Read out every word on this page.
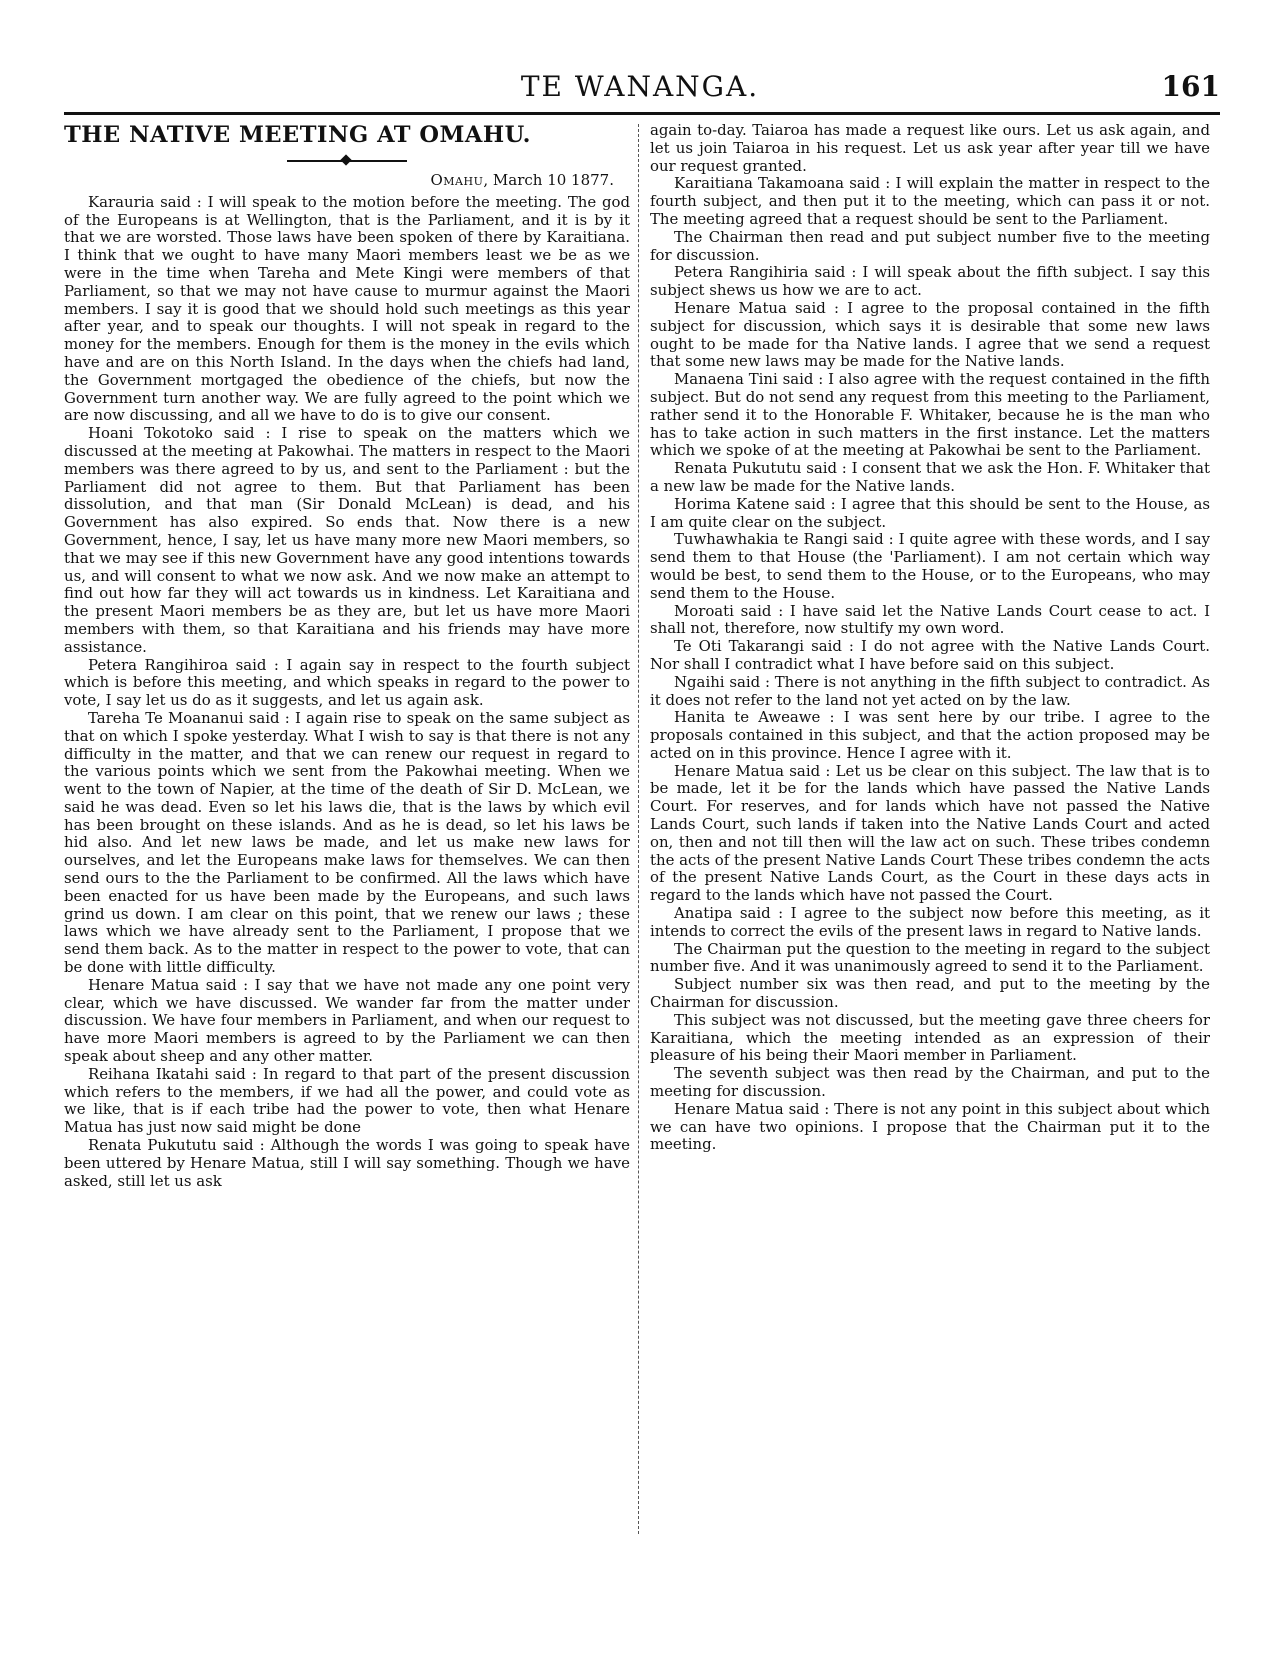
TE WANANGA.	161
THE NATIVE MEETING AT OMAHU.
Omahu, March 10 1877.

Karauria said : I will speak to the motion before the meeting. The god of the Europeans is at Wellington, that is the Parliament, and it is by it that we are worsted. Those laws have been spoken of there by Karaitiana. I think that we ought to have many Maori members least we be as we were in the time when Tareha and Mete Kingi were members of that Parliament, so that we may not have cause to murmur against the Maori members. I say it is good that we should hold such meetings as this year after year, and to speak our thoughts. I will not speak in regard to the money for the members. Enough for them is the money in the evils which have and are on this North Island. In the days when the chiefs had land, the Government mortgaged the obedience of the chiefs, but now the Government turn another way. We are fully agreed to the point which we are now discussing, and all we have to do is to give our consent.

Hoani Tokotoko said : I rise to speak on the matters which we discussed at the meeting at Pakowhai. The matters in respect to the Maori members was there agreed to by us, and sent to the Parliament : but the Parliament did not agree to them. But that Parliament has been dissolution, and that man (Sir Donald McLean) is dead, and his Government has also expired. So ends that. Now there is a new Government, hence, I say, let us have many more new Maori members, so that we may see if this new Government have any good intentions towards us, and will consent to what we now ask. And we now make an attempt to find out how far they will act towards us in kindness. Let Karaitiana and the present Maori members be as they are, but let us have more Maori members with them, so that Karaitiana and his friends may have more assistance.

Petera Rangihiroa said : I again say in respect to the fourth subject which is before this meeting, and which speaks in regard to the power to vote, I say let us do as it suggests, and let us again ask.

Tareha Te Moananui said : I again rise to speak on the same subject as that on which I spoke yesterday. What I wish to say is that there is not any difficulty in the matter, and that we can renew our request in regard to the various points which we sent from the Pakowhai meeting. When we went to the town of Napier, at the time of the death of Sir D. McLean, we said he was dead. Even so let his laws die, that is the laws by which evil has been brought on these islands. And as he is dead, so let his laws be hid also. And let new laws be made, and let us make new laws for ourselves, and let the Europeans make laws for themselves. We can then send ours to the the Parliament to be confirmed. All the laws which have been enacted for us have been made by the Europeans, and such laws grind us down. I am clear on this point, that we renew our laws ; these laws which we have already sent to the Parliament, I propose that we send them back. As to the matter in respect to the power to vote, that can be done with little difficulty.

Henare Matua said : I say that we have not made any one point very clear, which we have discussed. We wander far from the matter under discussion. We have four members in Parliament, and when our request to have more Maori members is agreed to by the Parliament we can then speak about sheep and any other matter.

Reihana Ikatahi said : In regard to that part of the present discussion which refers to the members, if we had all the power, and could vote as we like, that is if each tribe had the power to vote, then what Henare Matua has just now said might be done

Renata Pukututu said : Although the words I was going to speak have been uttered by Henare Matua, still I will say something. Though we have asked, still let us ask

again to-day. Taiaroa has made a request like ours. Let us ask again, and let us join Taiaroa in his request. Let us ask year after year till we have our request granted.

Karaitiana Takamoana said : I will explain the matter in respect to the fourth subject, and then put it to the meeting, which can pass it or not. The meeting agreed that a request should be sent to the Parliament.

The Chairman then read and put subject number five to the meeting for discussion.

Petera Rangihiria said : I will speak about the fifth subject. I say this subject shews us how we are to act.

Henare Matua said : I agree to the proposal contained in the fifth subject for discussion, which says it is desirable that some new laws ought to be made for tha Native lands. I agree that we send a request that some new laws may be made for the Native lands.

Manaena Tini said : I also agree with the request contained in the fifth subject. But do not send any request from this meeting to the Parliament, rather send it to the Honorable F. Whitaker, because he is the man who has to take action in such matters in the first instance. Let the matters which we spoke of at the meeting at Pakowhai be sent to the Parliament.

Renata Pukututu said : I consent that we ask the Hon. F. Whitaker that a new law be made for the Native lands.

Horima Katene said : I agree that this should be sent to the House, as I am quite clear on the subject.

Tuwhawhakia te Rangi said : I quite agree with these words, and I say send them to that House (the 'Parliament). I am not certain which way would be best, to send them to the House, or to the Europeans, who may send them to the House.

Moroati said : I have said let the Native Lands Court cease to act. I shall not, therefore, now stultify my own word.

Te Oti Takarangi said : I do not agree with the Native Lands Court. Nor shall I contradict what I have before said on this subject.

Ngaihi said : There is not anything in the fifth subject to contradict. As it does not refer to the land not yet acted on by the law.

Hanita te Aweawe : I was sent here by our tribe. I agree to the proposals contained in this subject, and that the action proposed may be acted on in this province. Hence I agree with it.

Henare Matua said : Let us be clear on this subject. The law that is to be made, let it be for the lands which have passed the Native Lands Court. For reserves, and for lands which have not passed the Native Lands Court, such lands if taken into the Native Lands Court and acted on, then and not till then will the law act on such. These tribes condemn the acts of the present Native Lands Court These tribes condemn the acts of the present Native Lands Court, as the Court in these days acts in regard to the lands which have not passed the Court.

Anatipa said : I agree to the subject now before this meeting, as it intends to correct the evils of the present laws in regard to Native lands.

The Chairman put the question to the meeting in regard to the subject number five. And it was unanimously agreed to send it to the Parliament.

Subject number six was then read, and put to the meeting by the Chairman for discussion.

This subject was not discussed, but the meeting gave three cheers for Karaitiana, which the meeting intended as an expression of their pleasure of his being their Maori member in Parliament.

The seventh subject was then read by the Chairman, and put to the meeting for discussion.

Henare Matua said : There is not any point in this subject about which we can have two opinions. I propose that the Chairman put it to the meeting.
